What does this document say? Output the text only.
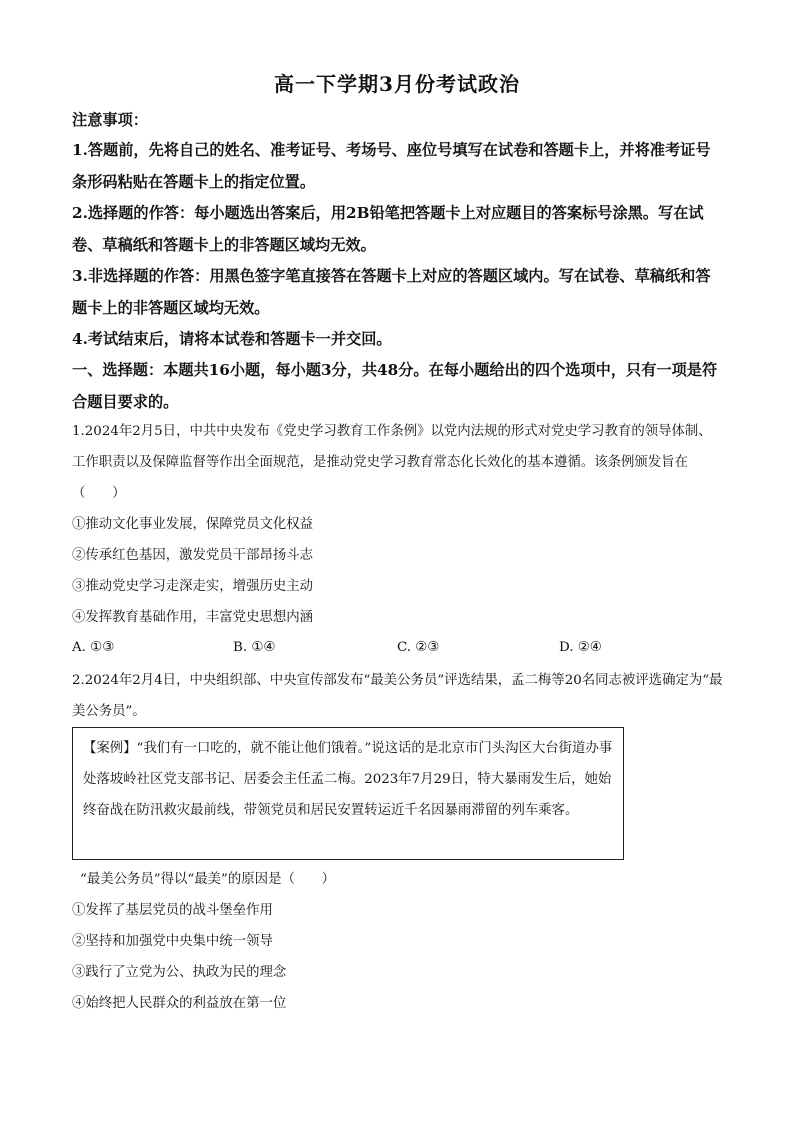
高一下学期3月份考试政治
注意事项：
1.答题前，先将自己的姓名、准考证号、考场号、座位号填写在试卷和答题卡上，并将准考证号条形码粘贴在答题卡上的指定位置。
2.选择题的作答：每小题选出答案后，用2B铅笔把答题卡上对应题目的答案标号涂黑。写在试卷、草稿纸和答题卡上的非答题区域均无效。
3.非选择题的作答：用黑色签字笔直接答在答题卡上对应的答题区域内。写在试卷、草稿纸和答题卡上的非答题区域均无效。
4.考试结束后，请将本试卷和答题卡一并交回。
一、选择题：本题共16小题，每小题3分，共48分。在每小题给出的四个选项中，只有一项是符合题目要求的。
1.2024年2月5日，中共中央发布《党史学习教育工作条例》以党内法规的形式对党史学习教育的领导体制、工作职责以及保障监督等作出全面规范，是推动党史学习教育常态化长效化的基本遵循。该条例颁发旨在（　　）
①推动文化事业发展，保障党员文化权益
②传承红色基因，激发党员干部昂扬斗志
③推动党史学习走深走实，增强历史主动
④发挥教育基础作用，丰富党史思想内涵
A. ①③	B. ①④	C. ②③	D. ②④
2.2024年2月4日，中央组织部、中央宣传部发布“最美公务员”评选结果，孟二梅等20名同志被评选确定为“最美公务员”。
【案例】“我们有一口吃的，就不能让他们饿着。”说这话的是北京市门头沟区大台街道办事处落坡岭社区党支部书记、居委会主任孟二梅。2023年7月29日，特大暴雨发生后，她始终奋战在防汛救灾最前线，带领党员和居民安置转运近千名因暴雨滞留的列车乘客。
“最美公务员”得以“最美”的原因是（　　）
①发挥了基层党员的战斗堡垒作用
②坚持和加强党中央集中统一领导
③践行了立党为公、执政为民的理念
④始终把人民群众的利益放在第一位
